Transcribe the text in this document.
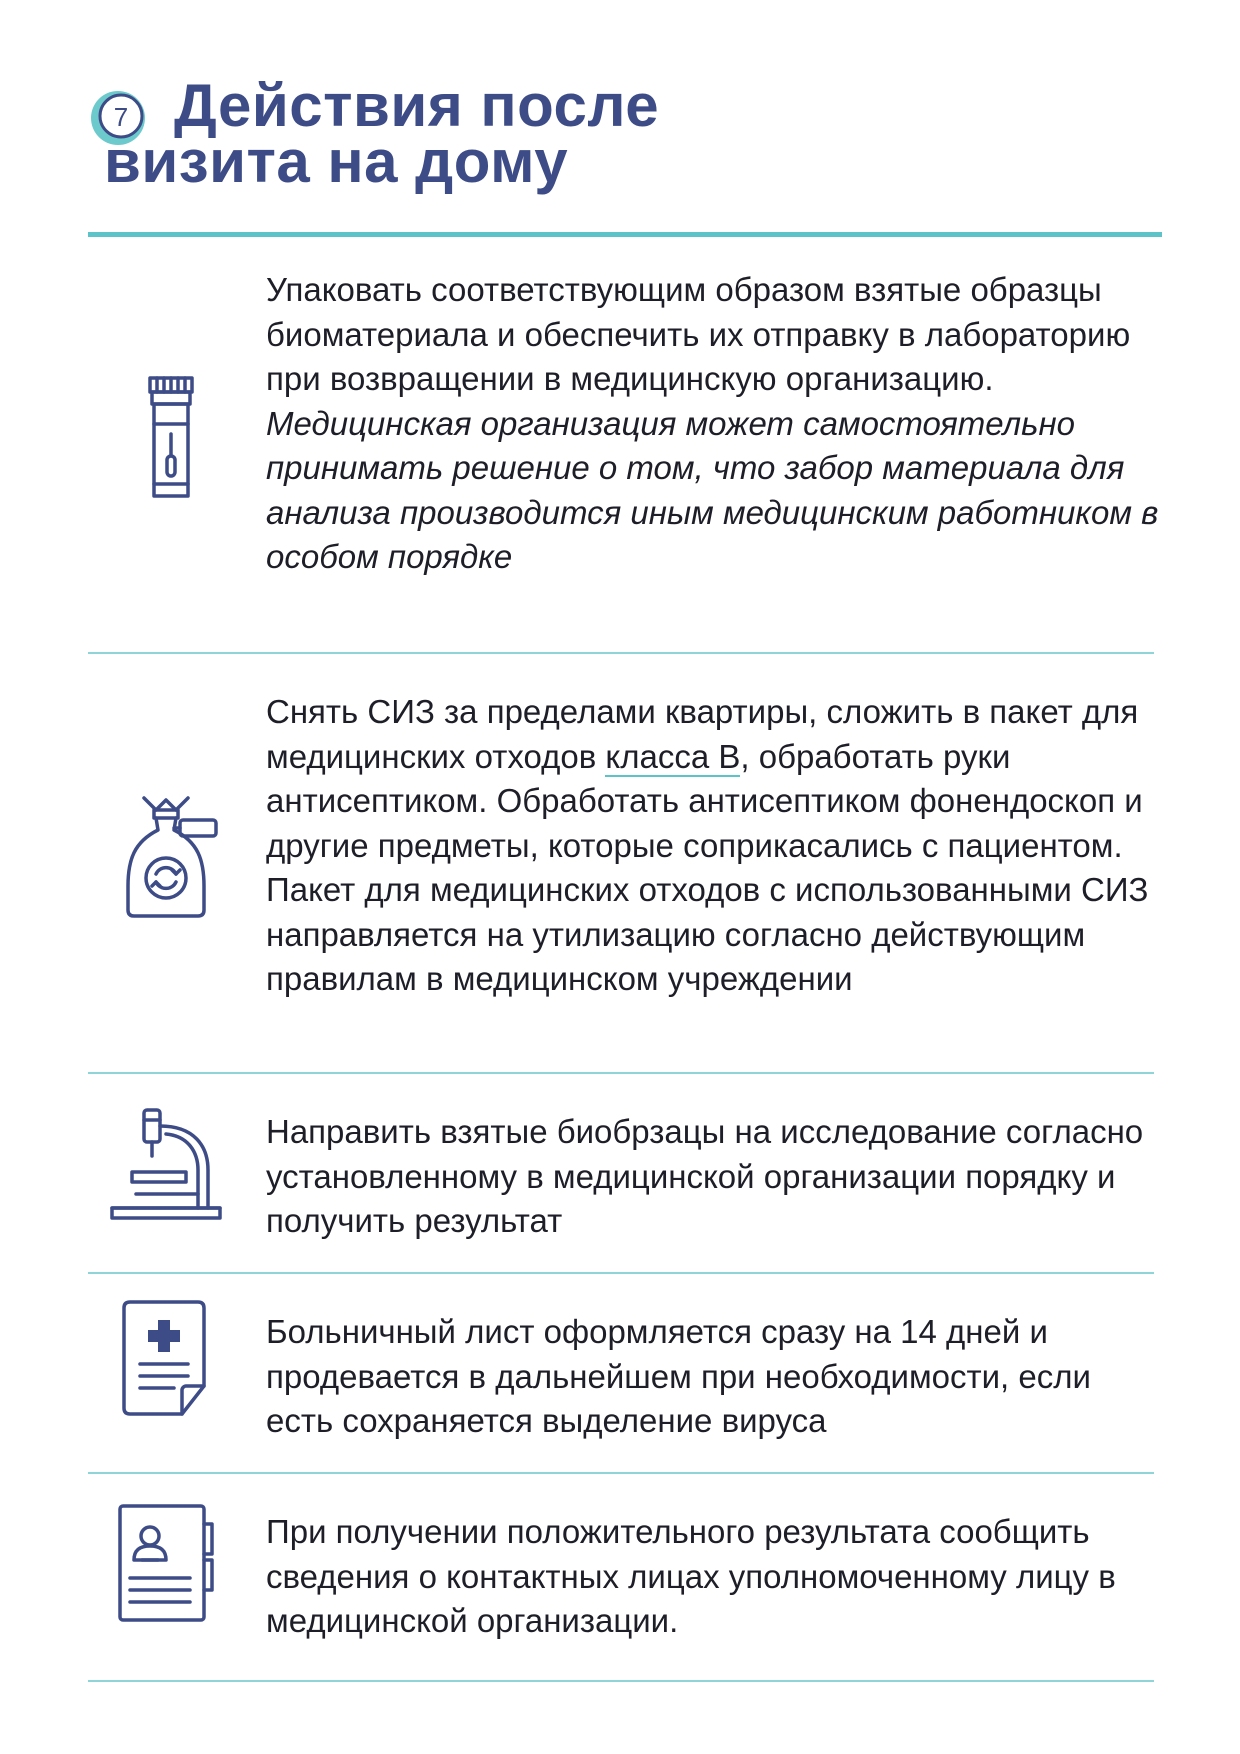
7 Действия после
визита на дому

Упаковать соответствующим образом взятые образцы биоматериала и обеспечить их отправку в лабораторию при возвращении в медицинскую организацию.

Медицинская организация может самостоятельно принимать решение о том, что забор материала для анализа производится иным медицинским работником в особом порядке

Снять СИЗ за пределами квартиры, сложить в пакет для медицинских отходов класса В, обработать руки антисептиком. Обработать антисептиком фонендоскоп и другие предметы, которые соприкасались с пациентом. Пакет для медицинских отходов с использованными СИЗ направляется на утилизацию согласно действующим правилам в медицинском учреждении

Направить взятые биобрзацы на исследование согласно установленному в медицинской организации порядку и получить результат

Больничный лист оформляется сразу на 14 дней и продевается в дальнейшем при необходимости, если есть сохраняется выделение вируса

При получении положительного результата сообщить сведения о контактных лицах уполномоченному лицу в медицинской организации.
